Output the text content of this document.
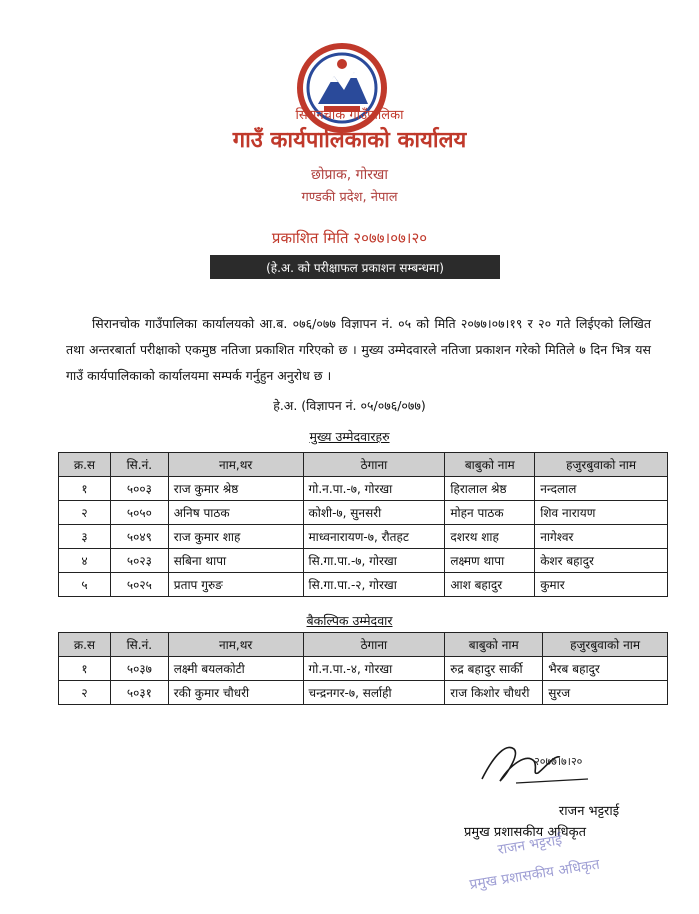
सिरानचोक गाउँपालिका
गाउँ कार्यपालिकाको कार्यालय
छोप्राक, गोरखा
गण्डकी प्रदेश, नेपाल
प्रकाशित मिति २०७७।०७।२०
(हे.अ. को परीक्षाफल प्रकाशन सम्बन्धमा)
सिरानचोक गाउँपालिका कार्यालयको आ.ब. ०७६/०७७ विज्ञापन नं. ०५ को मिति २०७७।०७।१९ र २० गते लिईएको लिखित तथा अन्तरबार्ता परीक्षाको एकमुष्ठ नतिजा प्रकाशित गरिएको छ । मुख्य उम्मेदवारले नतिजा प्रकाशन गरेको मितिले ७ दिन भित्र यस गाउँ कार्यपालिकाको कार्यालयमा सम्पर्क गर्नुहुन अनुरोध छ ।
हे.अ. (विज्ञापन नं. ०५/०७६/०७७)
मुख्य उम्मेदवारहरु
क्र.स	सि.नं.	नाम,थर	ठेगाना	बाबुको नाम	हजुरबुवाको नाम
१	५००३	राज कुमार श्रेष्ठ	गो.न.पा.-७, गोरखा	हिरालाल श्रेष्ठ	नन्दलाल
२	५०५०	अनिष पाठक	कोशी-७, सुनसरी	मोहन पाठक	शिव नारायण
३	५०४९	राज कुमार शाह	माध्वनारायण-७, रौतहट	दशरथ शाह	नागेश्वर
४	५०२३	सबिना थापा	सि.गा.पा.-७, गोरखा	लक्ष्मण थापा	केशर बहादुर
५	५०२५	प्रताप गुरुङ	सि.गा.पा.-२, गोरखा	आश बहादुर	कुमार
बैकल्पिक उम्मेदवार
क्र.स	सि.नं.	नाम,थर	ठेगाना	बाबुको नाम	हजुरबुवाको नाम
१	५०३७	लक्ष्मी बयलकोटी	गो.न.पा.-४, गोरखा	रुद्र बहादुर सार्की	भैरब बहादुर
२	५०३१	रकी कुमार चौधरी	चन्द्रनगर-७, सर्लाही	राज किशोर चौधरी	सुरज
२०७७।७।२०
राजन भट्टराई
प्रमुख प्रशासकीय अधिकृत
राजन भट्टराई
प्रमुख प्रशासकीय अधिकृत
